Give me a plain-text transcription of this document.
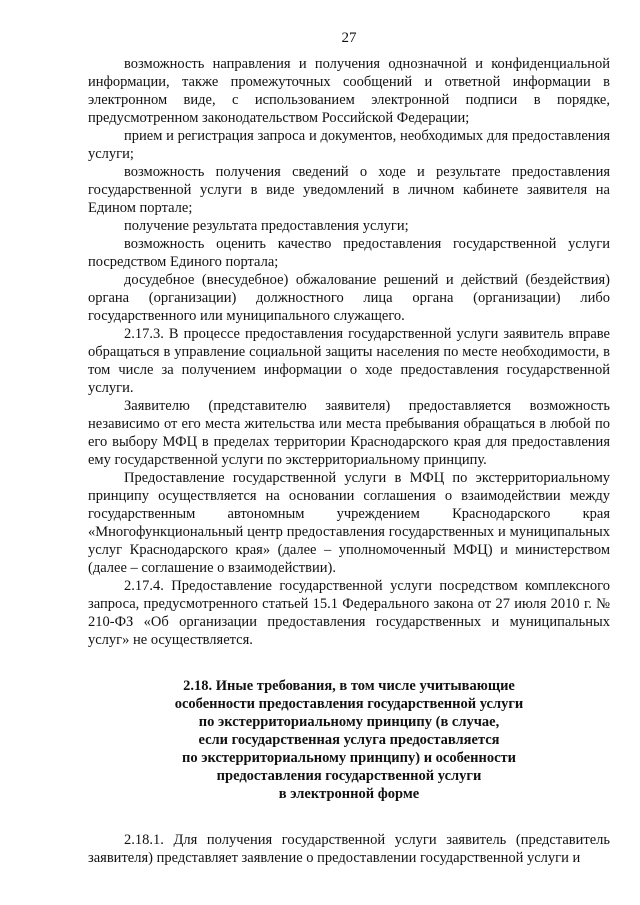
27

возможность направления и получения однозначной и конфиденциальной информации, также промежуточных сообщений и ответной информации в электронном виде, с использованием электронной подписи в порядке, предусмотренном законодательством Российской Федерации;

прием и регистрация запроса и документов, необходимых для предоставления услуги;

возможность получения сведений о ходе и результате предоставления государственной услуги в виде уведомлений в личном кабинете заявителя на Едином портале;

получение результата предоставления услуги;

возможность оценить качество предоставления государственной услуги посредством Единого портала;

досудебное (внесудебное) обжалование решений и действий (бездействия) органа (организации) должностного лица органа (организации) либо государственного или муниципального служащего.

2.17.3. В процессе предоставления государственной услуги заявитель вправе обращаться в управление социальной защиты населения по месте необходимости, в том числе за получением информации о ходе предоставления государственной услуги.

Заявителю (представителю заявителя) предоставляется возможность независимо от его места жительства или места пребывания обращаться в любой по его выбору МФЦ в пределах территории Краснодарского края для предоставления ему государственной услуги по экстерриториальному принципу.

Предоставление государственной услуги в МФЦ по экстерриториальному принципу осуществляется на основании соглашения о взаимодействии между государственным автономным учреждением Краснодарского края «Многофункциональный центр предоставления государственных и муниципальных услуг Краснодарского края» (далее – уполномоченный МФЦ) и министерством (далее – соглашение о взаимодействии).

2.17.4. Предоставление государственной услуги посредством комплексного запроса, предусмотренного статьей 15.1 Федерального закона от 27 июля 2010 г. № 210-ФЗ «Об организации предоставления государственных и муниципальных услуг» не осуществляется.

2.18. Иные требования, в том числе учитывающие
особенности предоставления государственной услуги
по экстерриториальному принципу (в случае,
если государственная услуга предоставляется
по экстерриториальному принципу) и особенности
предоставления государственной услуги
в электронной форме

2.18.1. Для получения государственной услуги заявитель (представитель заявителя) представляет заявление о предоставлении государственной услуги и
